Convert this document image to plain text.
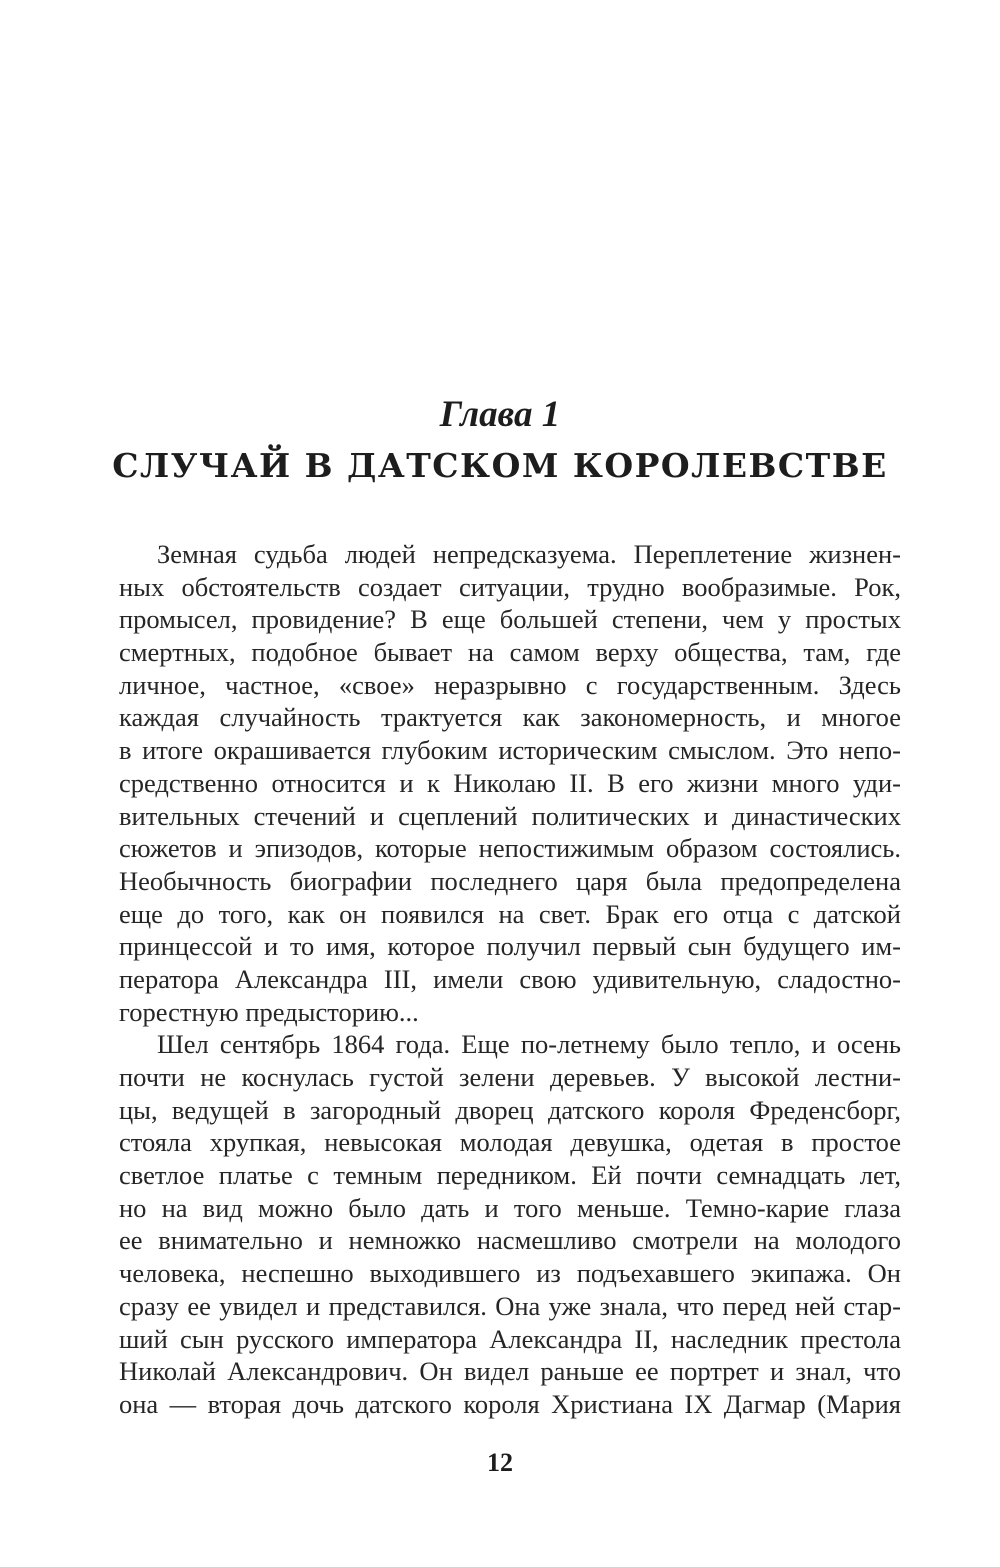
Глава 1
СЛУЧАЙ В ДАТСКОМ КОРОЛЕВСТВЕ
Земная судьба людей непредсказуема. Переплетение жизнен-
ных обстоятельств создает ситуации, трудно вообразимые. Рок,
промысел, провидение? В еще большей степени, чем у простых
смертных, подобное бывает на самом верху общества, там, где
личное, частное, «свое» неразрывно с государственным. Здесь
каждая случайность трактуется как закономерность, и многое
в итоге окрашивается глубоким историческим смыслом. Это непо-
средственно относится и к Николаю II. В его жизни много уди-
вительных стечений и сцеплений политических и династических
сюжетов и эпизодов, которые непостижимым образом состоялись.
Необычность биографии последнего царя была предопределена
еще до того, как он появился на свет. Брак его отца с датской
принцессой и то имя, которое получил первый сын будущего им-
ператора Александра III, имели свою удивительную, сладостно-
горестную предысторию...
Шел сентябрь 1864 года. Еще по-летнему было тепло, и осень
почти не коснулась густой зелени деревьев. У высокой лестни-
цы, ведущей в загородный дворец датского короля Фреденсборг,
стояла хрупкая, невысокая молодая девушка, одетая в простое
светлое платье с темным передником. Ей почти семнадцать лет,
но на вид можно было дать и того меньше. Темно-карие глаза
ее внимательно и немножко насмешливо смотрели на молодого
человека, неспешно выходившего из подъехавшего экипажа. Он
сразу ее увидел и представился. Она уже знала, что перед ней стар-
ший сын русского императора Александра II, наследник престола
Николай Александрович. Он видел раньше ее портрет и знал, что
она — вторая дочь датского короля Христиана IX Дагмар (Мария
12
